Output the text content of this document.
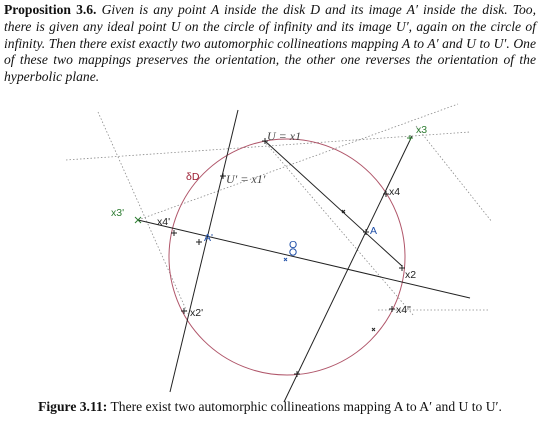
Proposition 3.6. Given is any point A inside the disk D and its image A′ inside the disk. Too, there is given any ideal point U on the circle of infinity and its image U′, again on the circle of infinity. Then there exist exactly two automorphic collineations mapping A to A′ and U to U′. One of these two mappings preserves the orientation, the other one reverses the orientation of the hyperbolic plane.
U = x1
U′ = x1′
δD
A
A'
O
x2
x2'
x3
x3'
x4
x4'
x4"
Figure 3.11: There exist two automorphic collineations mapping A to A′ and U to U′.
